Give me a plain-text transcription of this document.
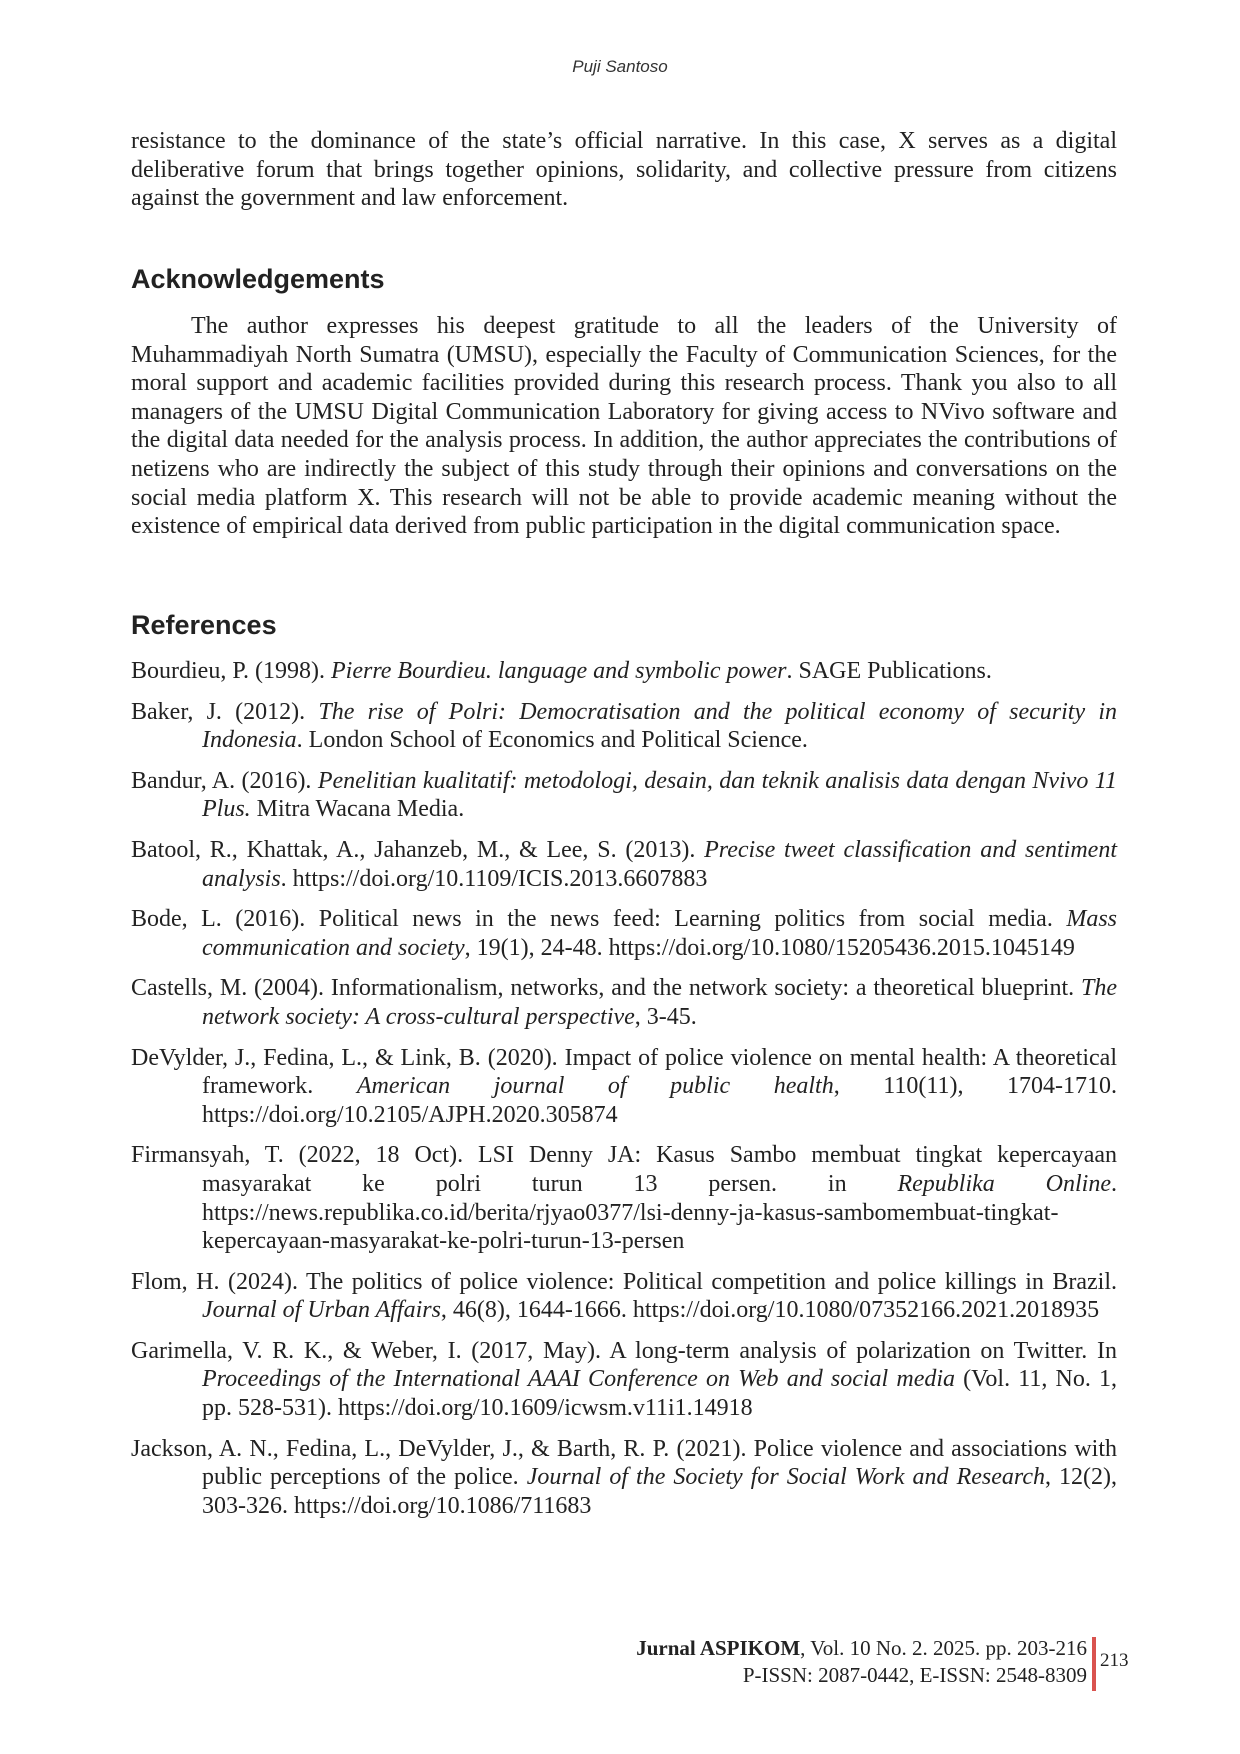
Puji Santoso

resistance to the dominance of the state’s official narrative. In this case, X serves as a digital deliberative forum that brings together opinions, solidarity, and collective pressure from citizens against the government and law enforcement.

Acknowledgements

The author expresses his deepest gratitude to all the leaders of the University of Muhammadiyah North Sumatra (UMSU), especially the Faculty of Communication Sciences, for the moral support and academic facilities provided during this research process. Thank you also to all managers of the UMSU Digital Communication Laboratory for giving access to NVivo software and the digital data needed for the analysis process. In addition, the author appreciates the contributions of netizens who are indirectly the subject of this study through their opinions and conversations on the social media platform X. This research will not be able to provide academic meaning without the existence of empirical data derived from public participation in the digital communication space.

References

Bourdieu, P. (1998). Pierre Bourdieu. language and symbolic power. SAGE Publications.

Baker, J. (2012). The rise of Polri: Democratisation and the political economy of security in Indonesia. London School of Economics and Political Science.

Bandur, A. (2016). Penelitian kualitatif: metodologi, desain, dan teknik analisis data dengan Nvivo 11 Plus. Mitra Wacana Media.

Batool, R., Khattak, A., Jahanzeb, M., & Lee, S. (2013). Precise tweet classification and sentiment analysis. https://doi.org/10.1109/ICIS.2013.6607883

Bode, L. (2016). Political news in the news feed: Learning politics from social media. Mass communication and society, 19(1), 24-48. https://doi.org/10.1080/15205436.2015.1045149

Castells, M. (2004). Informationalism, networks, and the network society: a theoretical blueprint. The network society: A cross-cultural perspective, 3-45.

DeVylder, J., Fedina, L., & Link, B. (2020). Impact of police violence on mental health: A theoretical framework. American journal of public health, 110(11), 1704-1710. https://doi.org/10.2105/AJPH.2020.305874

Firmansyah, T. (2022, 18 Oct). LSI Denny JA: Kasus Sambo membuat tingkat kepercayaan masyarakat ke polri turun 13 persen. in Republika Online. https://news.republika.co.id/berita/rjyao0377/lsi-denny-ja-kasus-sambomembuat-tingkat-kepercayaan-masyarakat-ke-polri-turun-13-persen

Flom, H. (2024). The politics of police violence: Political competition and police killings in Brazil. Journal of Urban Affairs, 46(8), 1644-1666. https://doi.org/10.1080/07352166.2021.2018935

Garimella, V. R. K., & Weber, I. (2017, May). A long-term analysis of polarization on Twitter. In Proceedings of the International AAAI Conference on Web and social media (Vol. 11, No. 1, pp. 528-531). https://doi.org/10.1609/icwsm.v11i1.14918

Jackson, A. N., Fedina, L., DeVylder, J., & Barth, R. P. (2021). Police violence and associations with public perceptions of the police. Journal of the Society for Social Work and Research, 12(2), 303-326. https://doi.org/10.1086/711683

Jurnal ASPIKOM, Vol. 10 No. 2. 2025. pp. 203-216
P-ISSN: 2087-0442, E-ISSN: 2548-8309
213
